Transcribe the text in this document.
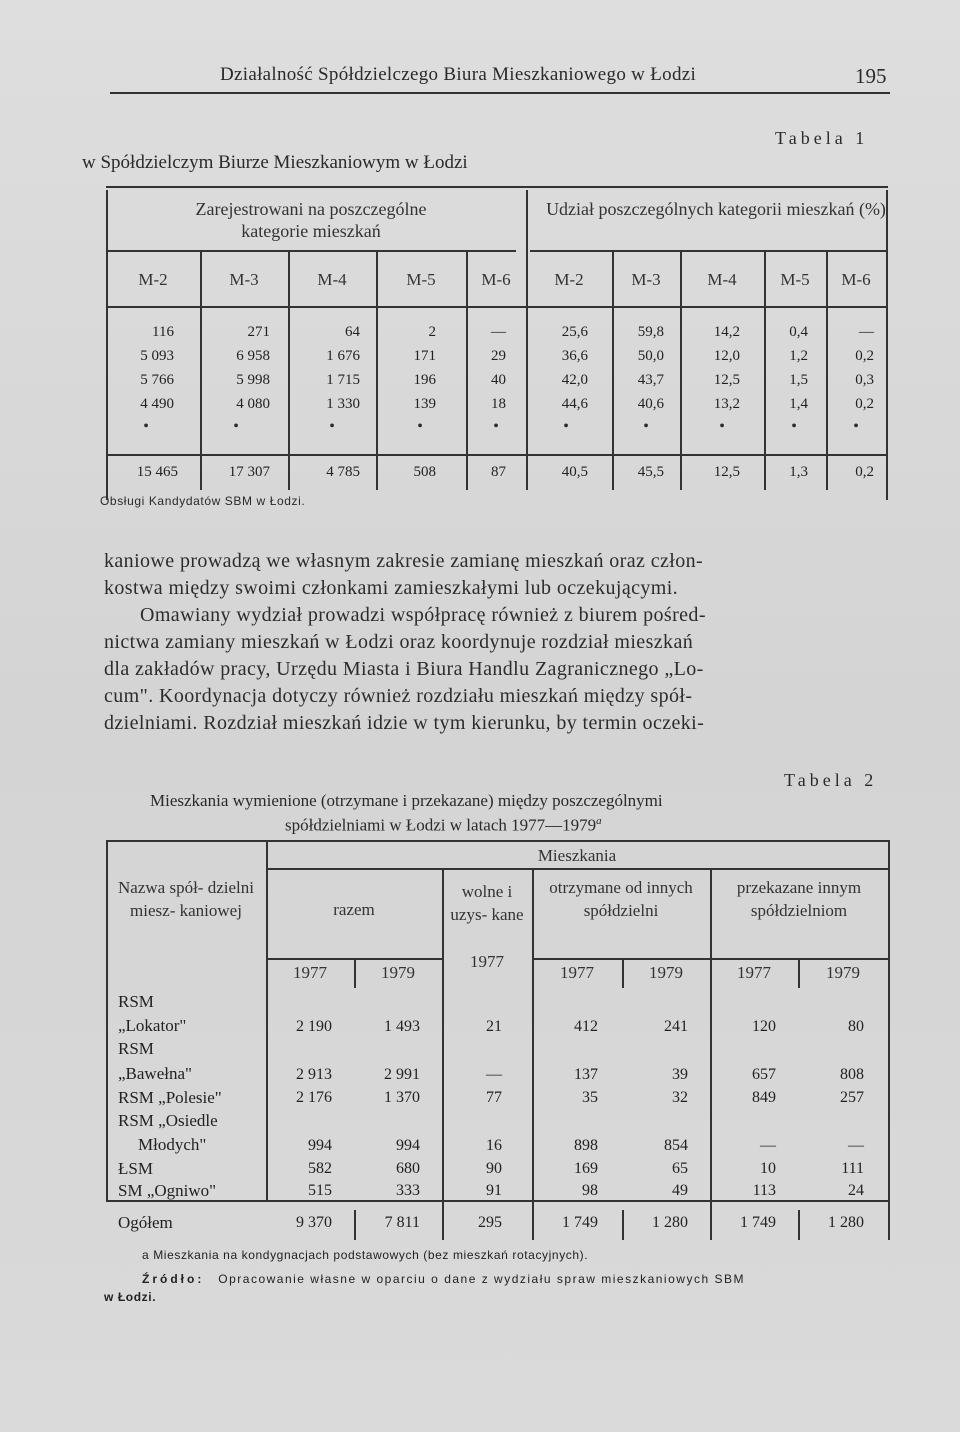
Działalność Spółdzielczego Biura Mieszkaniowego w Łodzi	195
Tabela 1
w Spółdzielczym Biurze Mieszkaniowym w Łodzi
Zarejestrowani na poszczególne kategorie mieszkań
Udział poszczególnych kategorii mieszkań (%)
M-2	M-3	M-4	M-5	M-6	M-2	M-3	M-4	M-5	M-6
116	271	64	2	—	25,6	59,8	14,2	0,4	—
5 093	6 958	1 676	171	29	36,6	50,0	12,0	1,2	0,2
5 766	5 998	1 715	196	40	42,0	43,7	12,5	1,5	0,3
4 490	4 080	1 330	139	18	44,6	40,6	13,2	1,4	0,2
•	•	•	•	•	•	•	•	•	•
15 465	17 307	4 785	508	87	40,5	45,5	12,5	1,3	0,2
Obsługi Kandydatów SBM w Łodzi.
kaniowe prowadzą we własnym zakresie zamianę mieszkań oraz człon-
kostwa między swoimi członkami zamieszkałymi lub oczekującymi.
Omawiany wydział prowadzi współpracę również z biurem pośred-
nictwa zamiany mieszkań w Łodzi oraz koordynuje rozdział mieszkań
dla zakładów pracy, Urzędu Miasta i Biura Handlu Zagranicznego „Lo-
cum". Koordynacja dotyczy również rozdziału mieszkań między spół-
dzielniami. Rozdział mieszkań idzie w tym kierunku, by termin oczeki-
Tabela 2
Mieszkania wymienione (otrzymane i przekazane) między poszczególnymi
spółdzielniami w Łodzi w latach 1977—1979$^a$
Nazwa spół- dzielni miesz- kaniowej
Mieszkania
razem
wolne i uzys- kane
1977
otrzymane od innych spółdzielni
przekazane innym spółdzielniom
1977	1979	1977	1979	1977	1979
RSM
„Lokator"	2 190	1 493	21	412	241	120	80
RSM
„Bawełna"	2 913	2 991	—	137	39	657	808
RSM „Polesie"	2 176	1 370	77	35	32	849	257
RSM „Osiedle
Młodych"	994	994	16	898	854	—	—
ŁSM	582	680	90	169	65	10	111
SM „Ogniwo"	515	333	91	98	49	113	24
Ogółem	9 370	7 811	295	1 749	1 280	1 749	1 280
a Mieszkania na kondygnacjach podstawowych (bez mieszkań rotacyjnych).
Źródło: Opracowanie własne w oparciu o dane z wydziału spraw mieszkaniowych SBM
w Łodzi.
